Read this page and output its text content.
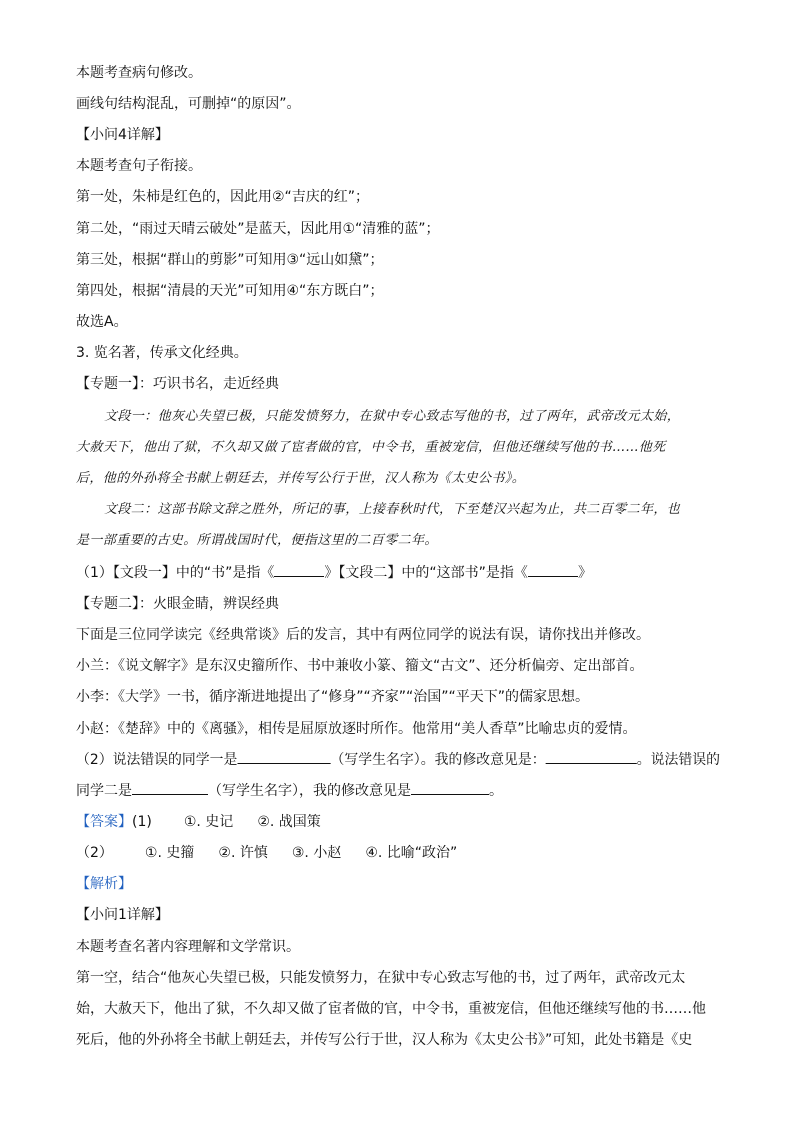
本题考查病句修改。
画线句结构混乱，可删掉“的原因”。
【小问4详解】
本题考查句子衔接。
第一处，朱柿是红色的，因此用②“吉庆的红”；
第二处，“雨过天晴云破处”是蓝天，因此用①“清雅的蓝”；
第三处，根据“群山的剪影”可知用③“远山如黛”；
第四处，根据“清晨的天光”可知用④“东方既白”；
故选A。
3. 览名著，传承文化经典。
【专题一】：巧识书名，走近经典
文段一：他灰心失望已极，只能发愤努力，在狱中专心致志写他的书，过了两年，武帝改元太始，
大赦天下，他出了狱，不久却又做了宦者做的官，中令书，重被宠信，但他还继续写他的书……他死
后，他的外孙将全书献上朝廷去，并传写公行于世，汉人称为《太史公书》。
文段二：这部书除文辞之胜外，所记的事，上接春秋时代，下至楚汉兴起为止，共二百零二年，也
是一部重要的古史。所谓战国时代，便指这里的二百零二年。
（1）【文段一】中的“书”是指《	》【文段二】中的“这部书”是指《	》
【专题二】：火眼金睛，辨误经典
下面是三位同学读完《经典常谈》后的发言，其中有两位同学的说法有误，请你找出并修改。
小兰：《说文解字》是东汉史籀所作、书中兼收小篆、籀文“古文”、还分析偏旁、定出部首。
小李：《大学》一书，循序渐进地提出了“修身”“齐家”“治国”“平天下”的儒家思想。
小赵：《楚辞》中的《离骚》，相传是屈原放逐时所作。他常用“美人香草”比喻忠贞的爱情。
（2）说法错误的同学一是	（写学生名字）。我的修改意见是：	。说法错误的
同学二是	（写学生名字），我的修改意见是	。
【答案】(1) ①. 史记 ②. 战国策
（2） ①. 史籀 ②. 许慎 ③. 小赵 ④. 比喻“政治”
【解析】
【小问1详解】
本题考查名著内容理解和文学常识。
第一空，结合“他灰心失望已极，只能发愤努力，在狱中专心致志写他的书，过了两年，武帝改元太
始，大赦天下，他出了狱，不久却又做了宦者做的官，中令书，重被宠信，但他还继续写他的书……他
死后，他的外孙将全书献上朝廷去，并传写公行于世，汉人称为《太史公书》”可知，此处书籍是《史
